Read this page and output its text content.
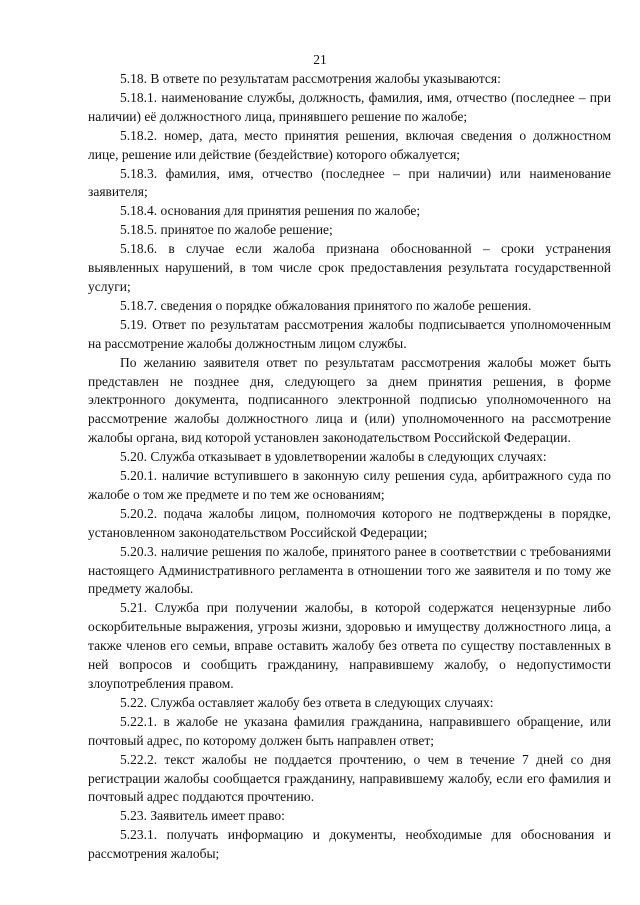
21

5.18. В ответе по результатам рассмотрения жалобы указываются:

5.18.1. наименование службы, должность, фамилия, имя, отчество (последнее – при наличии) её должностного лица, принявшего решение по жалобе;

5.18.2. номер, дата, место принятия решения, включая сведения о должностном лице, решение или действие (бездействие) которого обжалуется;

5.18.3. фамилия, имя, отчество (последнее – при наличии) или наименование заявителя;

5.18.4. основания для принятия решения по жалобе;

5.18.5. принятое по жалобе решение;

5.18.6. в случае если жалоба признана обоснованной – сроки устранения выявленных нарушений, в том числе срок предоставления результата государственной услуги;

5.18.7. сведения о порядке обжалования принятого по жалобе решения.

5.19. Ответ по результатам рассмотрения жалобы подписывается уполномоченным на рассмотрение жалобы должностным лицом службы.

По желанию заявителя ответ по результатам рассмотрения жалобы может быть представлен не позднее дня, следующего за днем принятия решения, в форме электронного документа, подписанного электронной подписью уполномоченного на рассмотрение жалобы должностного лица и (или) уполномоченного на рассмотрение жалобы органа, вид которой установлен законодательством Российской Федерации.

5.20. Служба отказывает в удовлетворении жалобы в следующих случаях:

5.20.1. наличие вступившего в законную силу решения суда, арбитражного суда по жалобе о том же предмете и по тем же основаниям;

5.20.2. подача жалобы лицом, полномочия которого не подтверждены в порядке, установленном законодательством Российской Федерации;

5.20.3. наличие решения по жалобе, принятого ранее в соответствии с требованиями настоящего Административного регламента в отношении того же заявителя и по тому же предмету жалобы.

5.21. Служба при получении жалобы, в которой содержатся нецензурные либо оскорбительные выражения, угрозы жизни, здоровью и имуществу должностного лица, а также членов его семьи, вправе оставить жалобу без ответа по существу поставленных в ней вопросов и сообщить гражданину, направившему жалобу, о недопустимости злоупотребления правом.

5.22. Служба оставляет жалобу без ответа в следующих случаях:

5.22.1. в жалобе не указана фамилия гражданина, направившего обращение, или почтовый адрес, по которому должен быть направлен ответ;

5.22.2. текст жалобы не поддается прочтению, о чем в течение 7 дней со дня регистрации жалобы сообщается гражданину, направившему жалобу, если его фамилия и почтовый адрес поддаются прочтению.

5.23. Заявитель имеет право:

5.23.1. получать информацию и документы, необходимые для обоснования и рассмотрения жалобы;
